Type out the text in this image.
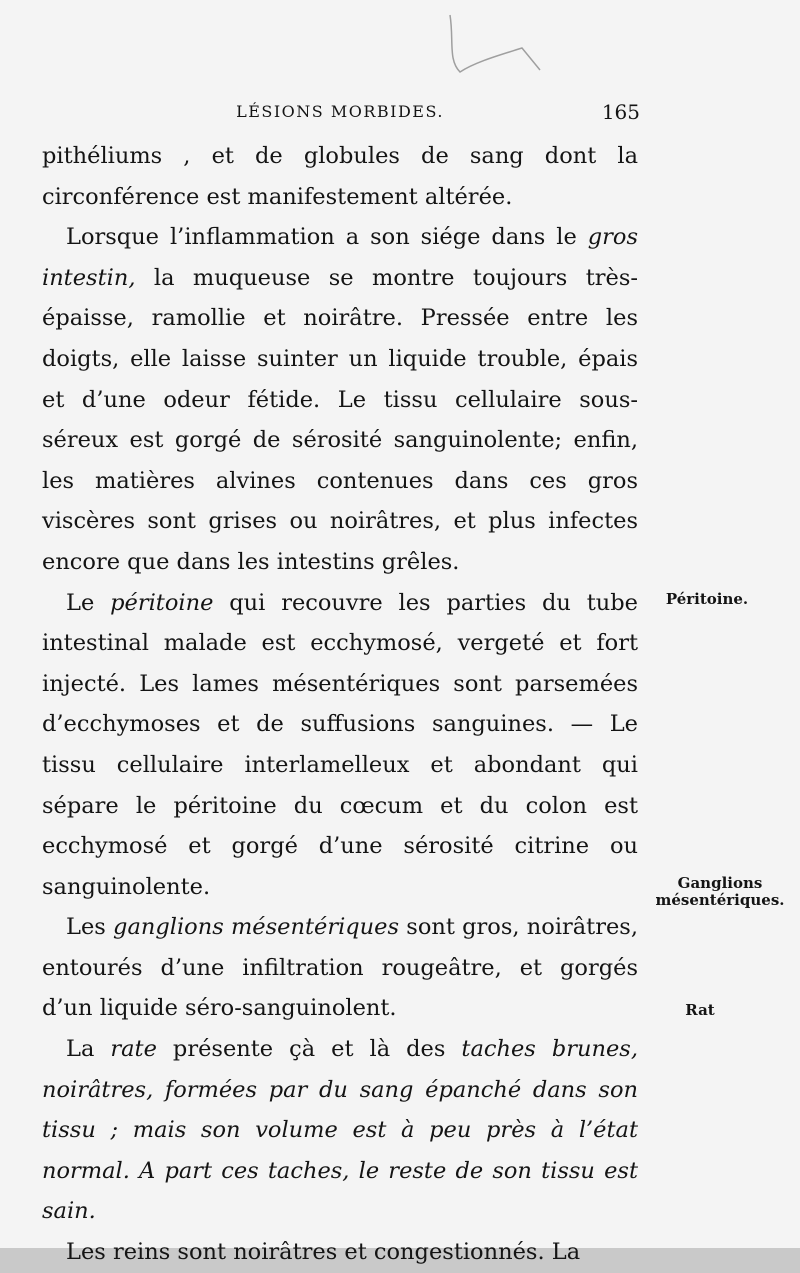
LÉSIONS MORBIDES.	165

pithéliums , et de globules de sang dont la circonférence est manifestement altérée.

Lorsque l’inflammation a son siége dans le gros intestin, la muqueuse se montre toujours très-épaisse, ramollie et noirâtre. Pressée entre les doigts, elle laisse suinter un liquide trouble, épais et d’une odeur fétide. Le tissu cellulaire sous-séreux est gorgé de sérosité sanguinolente; enfin, les matières alvines contenues dans ces gros viscères sont grises ou noirâtres, et plus infectes encore que dans les intestins grêles.

Le péritoine qui recouvre les parties du tube intestinal malade est ecchymosé, vergeté et fort injecté. Les lames mésentériques sont parsemées d’ecchymoses et de suffusions sanguines. — Le tissu cellulaire interlamelleux et abondant qui sépare le péritoine du cœcum et du colon est ecchymosé et gorgé d’une sérosité citrine ou sanguinolente.

Les ganglions mésentériques sont gros, noirâtres, entourés d’une infiltration rougeâtre, et gorgés d’un liquide séro-sanguinolent.

La rate présente çà et là des taches brunes, noirâtres, formées par du sang épanché dans son tissu ; mais son volume est à peu près à l’état normal. A part ces taches, le reste de son tissu est sain.

Les reins sont noirâtres et congestionnés. La

Péritoine.
Ganglions mésentériques.
Rat
